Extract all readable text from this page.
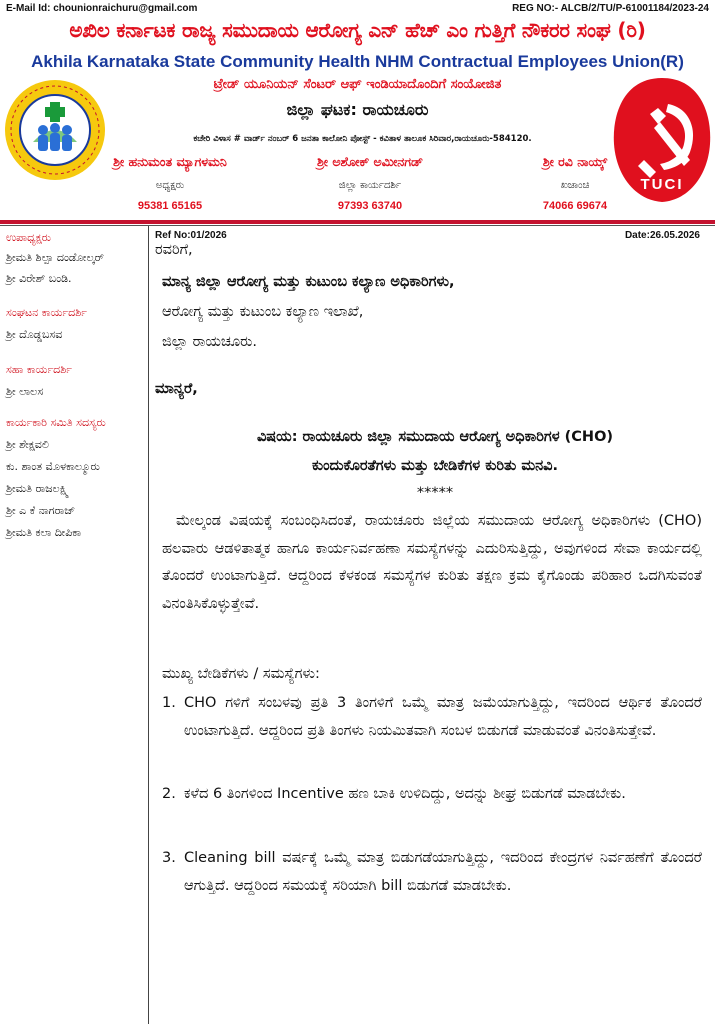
E-Mail Id: chounionraichuru@gmail.com	REG NO:- ALCB/2/TU/P-61001184/2023-24
ಅಖಿಲ ಕರ್ನಾಟಕ ರಾಜ್ಯ ಸಮುದಾಯ ಆರೋಗ್ಯ ಎನ್ ಹೆಚ್ ಎಂ ಗುತ್ತಿಗೆ ನೌಕರರ ಸಂಘ (ರಿ)
Akhila Karnataka State Community Health NHM Contractual Employees Union(R)
ಟ್ರೇಡ್ ಯೂನಿಯನ್ ಸೆಂಟರ್ ಆಫ್ ಇಂಡಿಯಾದೊಂದಿಗೆ ಸಂಯೋಜಿತ
ಜಿಲ್ಲಾ ಘಟಕ: ರಾಯಚೂರು
ಕಚೇರಿ ವಿಳಾಸ # ವಾರ್ಡ್ ನಂಬರ್ 6 ಜನತಾ ಕಾಲೋನಿ ಪೋಸ್ಟ್ - ಕವಿತಾಳ ತಾಲೂಕ ಸಿರಿವಾರ,ರಾಯಚೂರು-584120.
TUCI
ಶ್ರೀ ಹನುಮಂತ ಮ್ಯಾಗಳಮನಿ
ಅಧ್ಯಕ್ಷರು
95381 65165
ಶ್ರೀ ಅಶೋಕ್ ಅಮೀನಗಡ್
ಜಿಲ್ಲಾ ಕಾರ್ಯದರ್ಶಿ
97393 63740
ಶ್ರೀ ರವಿ ನಾಯ್ಕ್
ಖಜಾಂಚಿ
74066 69674
ಉಪಾಧ್ಯಕ್ಷರು
ಶ್ರೀಮತಿ ಶಿಲ್ಪಾ ದಂಡೋಲ್ಕರ್
ಶ್ರೀ ವಿರೇಶ್ ಬಂಡಿ.
ಸಂಘಟನ ಕಾರ್ಯದರ್ಶಿ
ಶ್ರೀ ದೊಡ್ಡಬಸವ
ಸಹಾ ಕಾರ್ಯದರ್ಶಿ
ಶ್ರೀ ಲಾಲಸ
ಕಾರ್ಯಕಾರಿ ಸಮಿತಿ ಸದಸ್ಯರು
ಶ್ರೀ ಶೇಕ್ಷವಲಿ
ಕು. ಶಾಂತ ಮೊಳಕಾಲ್ಮೂರು
ಶ್ರೀಮತಿ ರಾಜಲಕ್ಷ್ಮಿ
ಶ್ರೀ ಎ ಕೆ ನಾಗರಾಜ್
ಶ್ರೀಮತಿ ಕಲಾ ದೀಪಿಕಾ
Ref No:01/2026	Date:26.05.2026
ರವರಿಗೆ,
ಮಾನ್ಯ ಜಿಲ್ಲಾ ಆರೋಗ್ಯ ಮತ್ತು ಕುಟುಂಬ ಕಲ್ಯಾಣ ಅಧಿಕಾರಿಗಳು,
ಆರೋಗ್ಯ ಮತ್ತು ಕುಟುಂಬ ಕಲ್ಯಾಣ ಇಲಾಖೆ,
ಜಿಲ್ಲಾ ರಾಯಚೂರು.
ಮಾನ್ಯರೆ,
ವಿಷಯ: ರಾಯಚೂರು ಜಿಲ್ಲಾ ಸಮುದಾಯ ಆರೋಗ್ಯ ಅಧಿಕಾರಿಗಳ (CHO)
ಕುಂದುಕೊರತೆಗಳು ಮತ್ತು ಬೇಡಿಕೆಗಳ ಕುರಿತು ಮನವಿ.
*****
ಮೇಲ್ಕಂಡ ವಿಷಯಕ್ಕೆ ಸಂಬಂಧಿಸಿದಂತೆ, ರಾಯಚೂರು ಜಿಲ್ಲೆಯ ಸಮುದಾಯ ಆರೋಗ್ಯ ಅಧಿಕಾರಿಗಳು (CHO) ಹಲವಾರು ಆಡಳಿತಾತ್ಮಕ ಹಾಗೂ ಕಾರ್ಯನಿರ್ವಹಣಾ ಸಮಸ್ಯೆಗಳನ್ನು ಎದುರಿಸುತ್ತಿದ್ದು, ಅವುಗಳಿಂದ ಸೇವಾ ಕಾರ್ಯದಲ್ಲಿ ತೊಂದರೆ ಉಂಟಾಗುತ್ತಿದೆ. ಆದ್ದರಿಂದ ಕೆಳಕಂಡ ಸಮಸ್ಯೆಗಳ ಕುರಿತು ತಕ್ಷಣ ಕ್ರಮ ಕೈಗೊಂಡು ಪರಿಹಾರ ಒದಗಿಸುವಂತೆ ವಿನಂತಿಸಿಕೊಳ್ಳುತ್ತೇವೆ.
ಮುಖ್ಯ ಬೇಡಿಕೆಗಳು / ಸಮಸ್ಯೆಗಳು:
1. CHO ಗಳಿಗೆ ಸಂಬಳವು ಪ್ರತಿ 3 ತಿಂಗಳಿಗೆ ಒಮ್ಮೆ ಮಾತ್ರ ಜಮೆಯಾಗುತ್ತಿದ್ದು, ಇದರಿಂದ ಆರ್ಥಿಕ ತೊಂದರೆ ಉಂಟಾಗುತ್ತಿದೆ. ಆದ್ದರಿಂದ ಪ್ರತಿ ತಿಂಗಳು ನಿಯಮಿತವಾಗಿ ಸಂಬಳ ಬಿಡುಗಡೆ ಮಾಡುವಂತೆ ವಿನಂತಿಸುತ್ತೇವೆ.
2. ಕಳೆದ 6 ತಿಂಗಳಿಂದ Incentive ಹಣ ಬಾಕಿ ಉಳಿದಿದ್ದು, ಅದನ್ನು ಶೀಘ್ರ ಬಿಡುಗಡೆ ಮಾಡಬೇಕು.
3. Cleaning bill ವರ್ಷಕ್ಕೆ ಒಮ್ಮೆ ಮಾತ್ರ ಬಿಡುಗಡೆಯಾಗುತ್ತಿದ್ದು, ಇದರಿಂದ ಕೇಂದ್ರಗಳ ನಿರ್ವಹಣೆಗೆ ತೊಂದರೆ ಆಗುತ್ತಿದೆ. ಆದ್ದರಿಂದ ಸಮಯಕ್ಕೆ ಸರಿಯಾಗಿ bill ಬಿಡುಗಡೆ ಮಾಡಬೇಕು.
